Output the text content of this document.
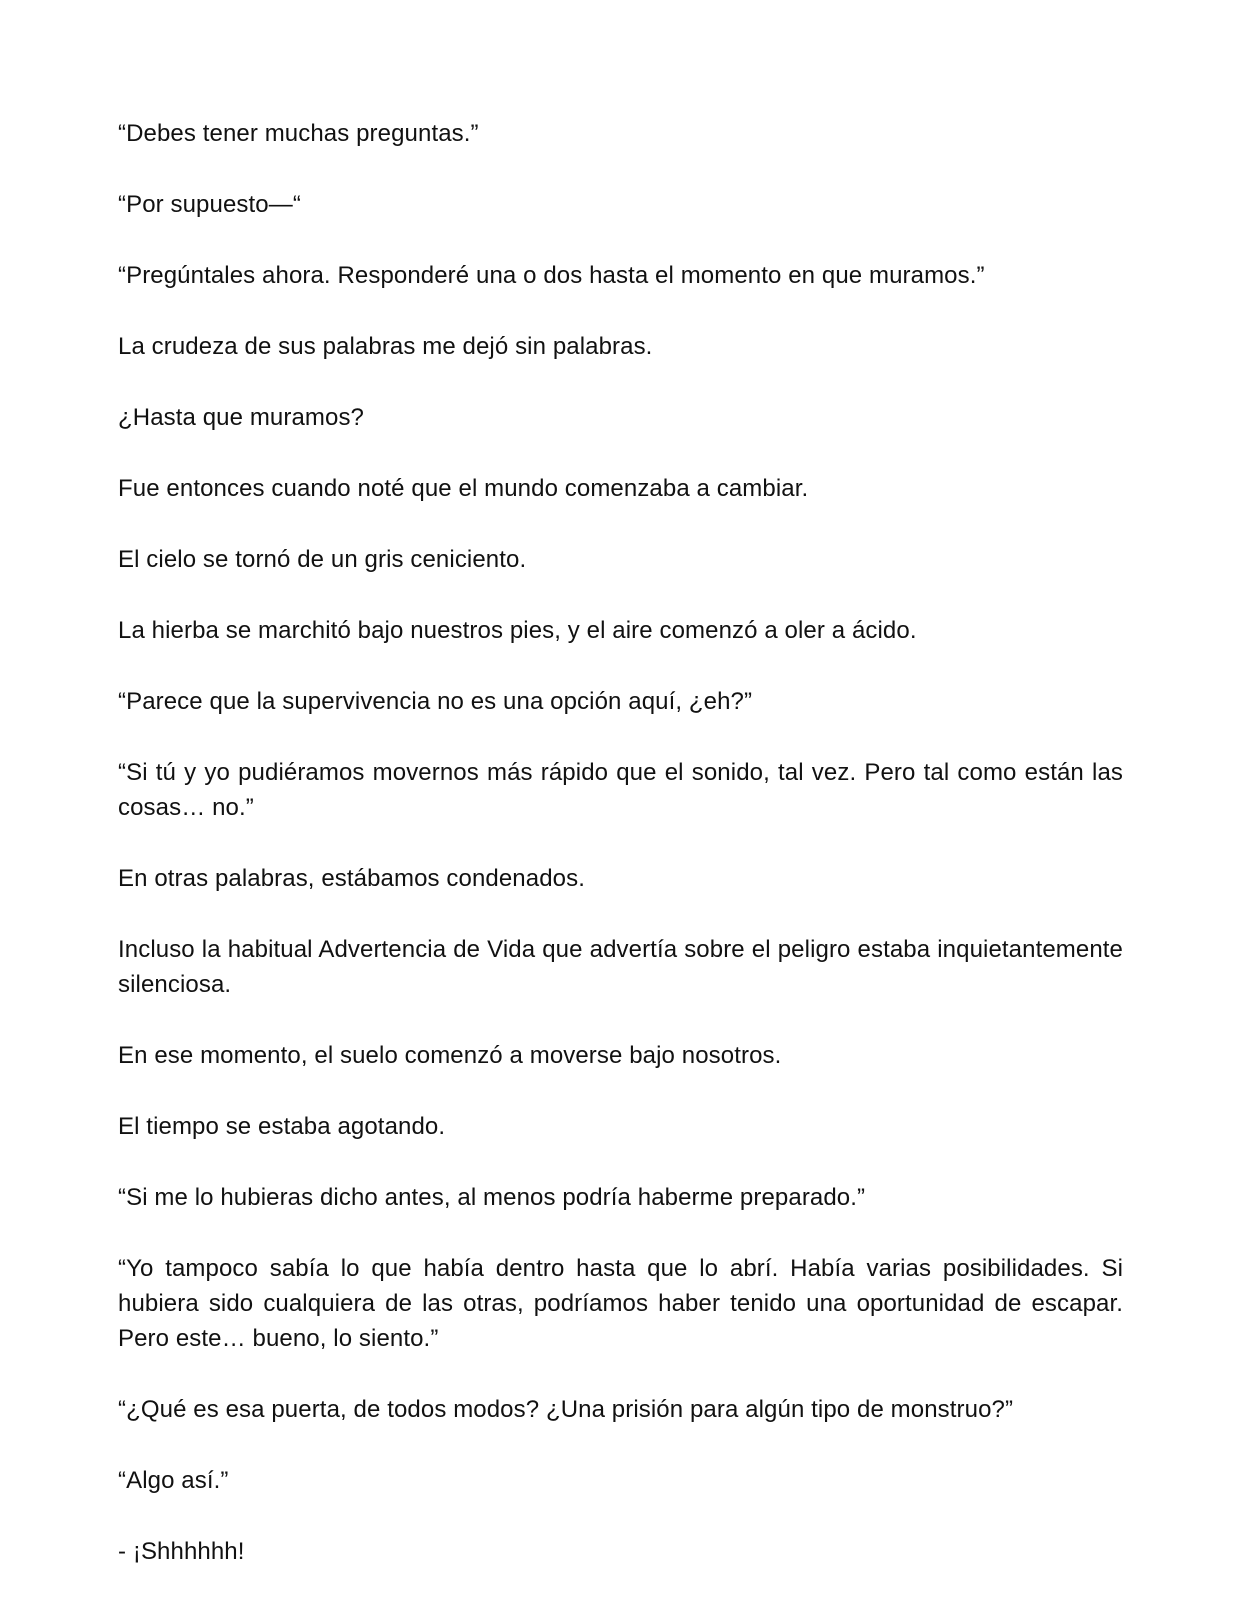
“Debes tener muchas preguntas.”

“Por supuesto—“

“Pregúntales ahora. Responderé una o dos hasta el momento en que muramos.”

La crudeza de sus palabras me dejó sin palabras.

¿Hasta que muramos?

Fue entonces cuando noté que el mundo comenzaba a cambiar.

El cielo se tornó de un gris ceniciento.

La hierba se marchitó bajo nuestros pies, y el aire comenzó a oler a ácido.

“Parece que la supervivencia no es una opción aquí, ¿eh?”

“Si tú y yo pudiéramos movernos más rápido que el sonido, tal vez. Pero tal como están las cosas… no.”

En otras palabras, estábamos condenados.

Incluso la habitual Advertencia de Vida que advertía sobre el peligro estaba inquietantemente silenciosa.

En ese momento, el suelo comenzó a moverse bajo nosotros.

El tiempo se estaba agotando.

“Si me lo hubieras dicho antes, al menos podría haberme preparado.”

“Yo tampoco sabía lo que había dentro hasta que lo abrí. Había varias posibilidades. Si hubiera sido cualquiera de las otras, podríamos haber tenido una oportunidad de escapar. Pero este… bueno, lo siento.”

“¿Qué es esa puerta, de todos modos? ¿Una prisión para algún tipo de monstruo?”

“Algo así.”

- ¡Shhhhhh!
